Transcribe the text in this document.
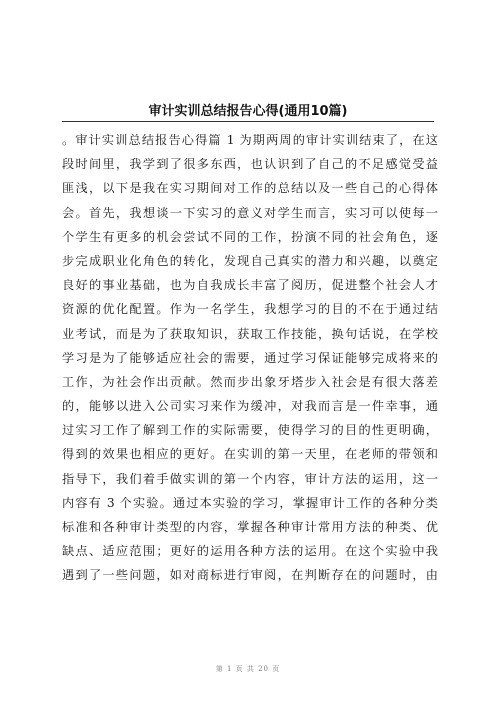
审计实训总结报告心得(通用10篇)
。审计实训总结报告心得篇 1 为期两周的审计实训结束了，在这
段时间里，我学到了很多东西，也认识到了自己的不足感觉受益
匪浅，以下是我在实习期间对工作的总结以及一些自己的心得体
会。首先，我想谈一下实习的意义对学生而言，实习可以使每一
个学生有更多的机会尝试不同的工作，扮演不同的社会角色，逐
步完成职业化角色的转化，发现自己真实的潜力和兴趣，以奠定
良好的事业基础，也为自我成长丰富了阅历，促进整个社会人才
资源的优化配置。作为一名学生，我想学习的目的不在于通过结
业考试，而是为了获取知识，获取工作技能，换句话说，在学校
学习是为了能够适应社会的需要，通过学习保证能够完成将来的
工作，为社会作出贡献。然而步出象牙塔步入社会是有很大落差
的，能够以进入公司实习来作为缓冲，对我而言是一件幸事，通
过实习工作了解到工作的实际需要，使得学习的目的性更明确，
得到的效果也相应的更好。在实训的第一天里，在老师的带领和
指导下，我们着手做实训的第一个内容，审计方法的运用，这一
内容有 3 个实验。通过本实验的学习，掌握审计工作的各种分类
标准和各种审计类型的内容，掌握各种审计常用方法的种类、优
缺点、适应范围；更好的运用各种方法的运用。在这个实验中我
遇到了一些问题，如对商标进行审阅，在判断存在的问题时，由
第 1 页 共 20 页
